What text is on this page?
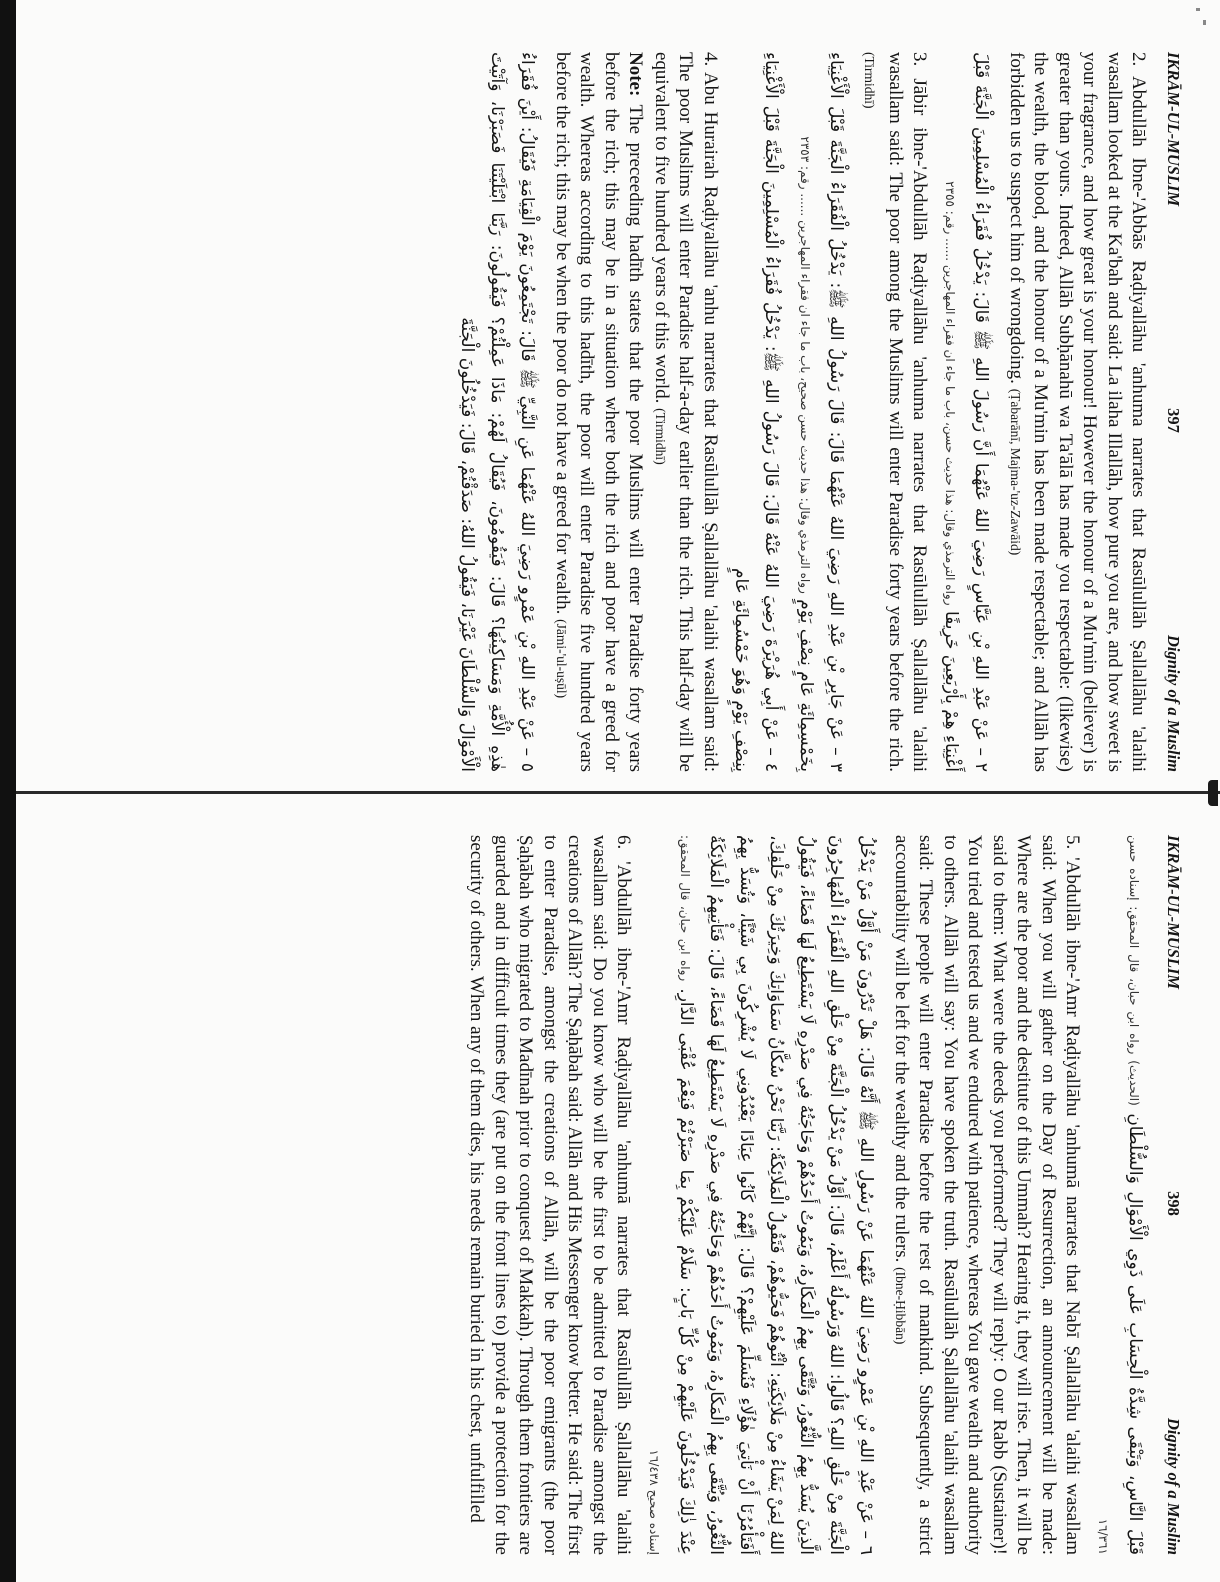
IKRĀM-UL-MUSLIM
397
Dignity of a Muslim

2. Abdullāh Ibne-'Abbās Raḍiyallāhu 'anhuma narrates that Rasūlullāh Ṣallallāhu 'alaihi wasallam looked at the Ka'bah and said: La ilaha Illallāh, how pure you are, and how sweet is your fragrance, and how great is your honour! However the honour of a Mu'min (believer) is greater than yours. Indeed, Allāh Subḥānahū wa Ta'ālā has made you respectable: (likewise) the wealth, the blood, and the honour of a Mu'min has been made respectable; and Allāh has forbidden us to suspect him of wrongdoing. (Ṭabarānī, Majma-'uz-Zawāid)

٢ – عَنْ عَبْدِ اللهِ بْنِ عَبَّاسٍ رَضِيَ اللهُ عَنْهُمَا أَنَّ رَسُولَ اللهِ ﷺ قَالَ: يَدْخُلُ فُقَرَاءُ الْمُسْلِمِينَ الْجَنَّةَ قَبْلَ أَغْنِيَاءِ هِمْ بِأَرْبَعِينَ خَرِيفًا رواه الترمذي وقال: هذا حديث حسن، باب ما جاء ان فقراء المهاجرين ...... رقم: ٢٣٥٥

3. Jābir ibne-'Abdullāh Raḍiyallāhu 'anhuma narrates that Rasūlullāh Ṣallallāhu 'alaihi wasallam said: The poor among the Muslims will enter Paradise forty years before the rich. (Tirmidhī)

٣ – عَنْ جَابِرِ بْنِ عَبْدِ اللهِ رَضِيَ اللهُ عَنْهُمَا قَالَ: قَالَ رَسُولُ اللهِ ﷺ: يَدْخُلُ الْفُقَرَاءُ الْجَنَّةَ قَبْلَ الْأَغْنِيَاءِ بِخَمْسِمِائَةِ عَامٍ نِصْفِ يَوْمٍ رواه الترمذي وقال: هذا حديث حسن صحيح، باب ما جاء ان فقراء المهاجرين ...... رقم: ٢٣٥٣
٤ – عَنْ أَبِي هُرَيْرَةَ رَضِيَ اللهُ عَنْهُ قَالَ: قَالَ رَسُولُ اللهِ ﷺ: يَدْخُلُ فُقَرَاءُ الْمُسْلِمِينَ الْجَنَّةَ قَبْلَ الْأَغْنِيَاءِ بِنِصْفِ يَوْمٍ وَهُوَ خَمْسُمِائَةِ عَامٍ

4. Abu Hurairah Raḍiyallāhu 'anhu narrates that Rasūlullāh Ṣallallāhu 'alaihi wasallam said: The poor Muslims will enter Paradise half-a-day earlier than the rich. This half-day will be equivalent to five hundred years of this world. (Tirmidhī)
Note: The preceeding hadīth states that the poor Muslims will enter Paradise forty years before the rich; this may be in a situation where both the rich and poor have a greed for wealth. Whereas according to this hadīth, the poor will enter Paradise five hundred years before the rich; this may be when the poor do not have a greed for wealth. (Jāmi-'ul-uṣūl)

٥ – عَنْ عَبْدِ اللهِ بْنِ عَمْرٍو رَضِيَ اللهُ عَنْهُمَا عَنِ النَّبِيِّ ﷺ قَالَ: تَجْتَمِعُونَ يَوْمَ الْقِيَامَةِ فَيُقَالُ: أَيْنَ فُقَرَاءُ هٰذِهِ الْأُمَّةِ وَمَسَاكِينُهَا؟ قَالَ: فَيَقُومُونَ، فَيُقَالُ لَهُمْ: مَاذَا عَمِلْتُمْ؟ فَيَقُولُونَ: رَبَّنَا ابْتَلَيْتَنَا فَصَبَرْنَا، وَآتَيْتَ الْأَمْوَالَ وَالسُّلْطَانَ غَيْرَنَا، فَيَقُولُ اللهُ: صَدَقْتُمْ، قَالَ: فَيَدْخُلُونَ الْجَنَّةَ
IKRĀM-UL-MUSLIM
398
Dignity of a Muslim
قَبْلَ النَّاسِ، وَتَبْقَى شِدَّةُ الْحِسَابِ عَلَى ذَوِي الْأَمْوَالِ وَالسُّلْطَانِ (الحديث) رواه ابن حبان، قال المحقق: إسناده حسن ١٦/٣٦١

5. 'Abdullāh ibne-'Amr Raḍiyallāhu 'anhumā narrates that Nabī Ṣallallāhu 'alaihi wasallam said: When you will gather on the Day of Resurrection, an announcement will be made: Where are the poor and the destitute of this Ummah? Hearing it, they will rise. Then, it will be said to them: What were the deeds you performed? They will reply: O our Rabb (Sustainer)! You tried and tested us and we endured with patience, whereas You gave wealth and authority to others. Allāh will say: You have spoken the truth. Rasūlullāh Ṣallallāhu 'alaihi wasallam said: These people will enter Paradise before the rest of mankind. Subsequently, a strict accountability will be left for the wealthy and the rulers. (Ibne-Ḥibbān)

٦ – عَنْ عَبْدِ اللهِ بْنِ عَمْرٍو رَضِيَ اللهُ عَنْهُمَا عَنْ رَسُولِ اللهِ ﷺ أَنَّهُ قَالَ: هَلْ تَدْرُونَ مَنْ أَوَّلُ مَنْ يَدْخُلُ الْجَنَّةَ مِنْ خَلْقِ اللهِ؟ قَالُوا: اللهُ وَرَسُولُهُ أَعْلَمُ، قَالَ: أَوَّلُ مَنْ يَدْخُلُ الْجَنَّةَ مِنْ خَلْقِ اللهِ الْفُقَرَاءُ الْمُهَاجِرُونَ الَّذِينَ يُسَدُّ بِهِمُ الثُّغُورُ، وَتُتَّقَى بِهِمُ الْمَكَارِهُ، وَيَمُوتُ أَحَدُهُمْ وَحَاجَتُهُ فِي صَدْرِهِ لَا يَسْتَطِيعُ لَهَا قَضَاءً، فَيَقُولُ اللهُ لِمَنْ يَشَاءُ مِنْ مَلَائِكَتِهِ: ائْتُوهُمْ فَحَيُّوهُمْ، فَتَقُولُ الْمَلَائِكَةُ: رَبَّنَا نَحْنُ سُكَّانُ سَمَاوَاتِكَ وَخِيرَتُكَ مِنْ خَلْقِكَ، أَفَتَأْمُرُنَا أَنْ نَأْتِيَ هٰؤُلَاءِ فَنُسَلِّمَ عَلَيْهِمْ؟ قَالَ: إِنَّهُمْ كَانُوا عِبَادًا يَعْبُدُونِي لَا يُشْرِكُونَ بِي شَيْئًا، وَتُسَدُّ بِهِمُ الثُّغُورُ، وَيُتَّقَى بِهِمُ الْمَكَارِهُ، وَيَمُوتُ أَحَدُهُمْ وَحَاجَتُهُ فِي صَدْرِهِ لَا يَسْتَطِيعُ لَهَا قَضَاءً، قَالَ: فَتَأْتِيهِمُ الْمَلَائِكَةُ عِنْدَ ذٰلِكَ فَيَدْخُلُونَ عَلَيْهِمْ مِنْ كُلِّ بَابٍ: سَلَامٌ عَلَيْكُمْ بِمَا صَبَرْتُمْ فَنِعْمَ عُقْبَى الدَّارِ. رواه ابن حبان، قال المحقق: إسناده صحيح ١٦/٤٣٨

6. 'Abdullāh ibne-'Amr Raḍiyallāhu 'anhumā narrates that Rasūlullāh Ṣallallāhu 'alaihi wasallam said: Do you know who will be the first to be admitted to Paradise amongst the creations of Allāh? The Ṣaḥābah said: Allāh and His Messenger know better. He said: The first to enter Paradise, amongst the creations of Allāh, will be the poor emigrants (the poor Ṣaḥābah who migrated to Madīnah prior to conquest of Makkah). Through them frontiers are guarded and in difficult times they (are put on the front lines to) provide a protection for the security of others. When any of them dies, his needs remain buried in his chest, unfulfilled
